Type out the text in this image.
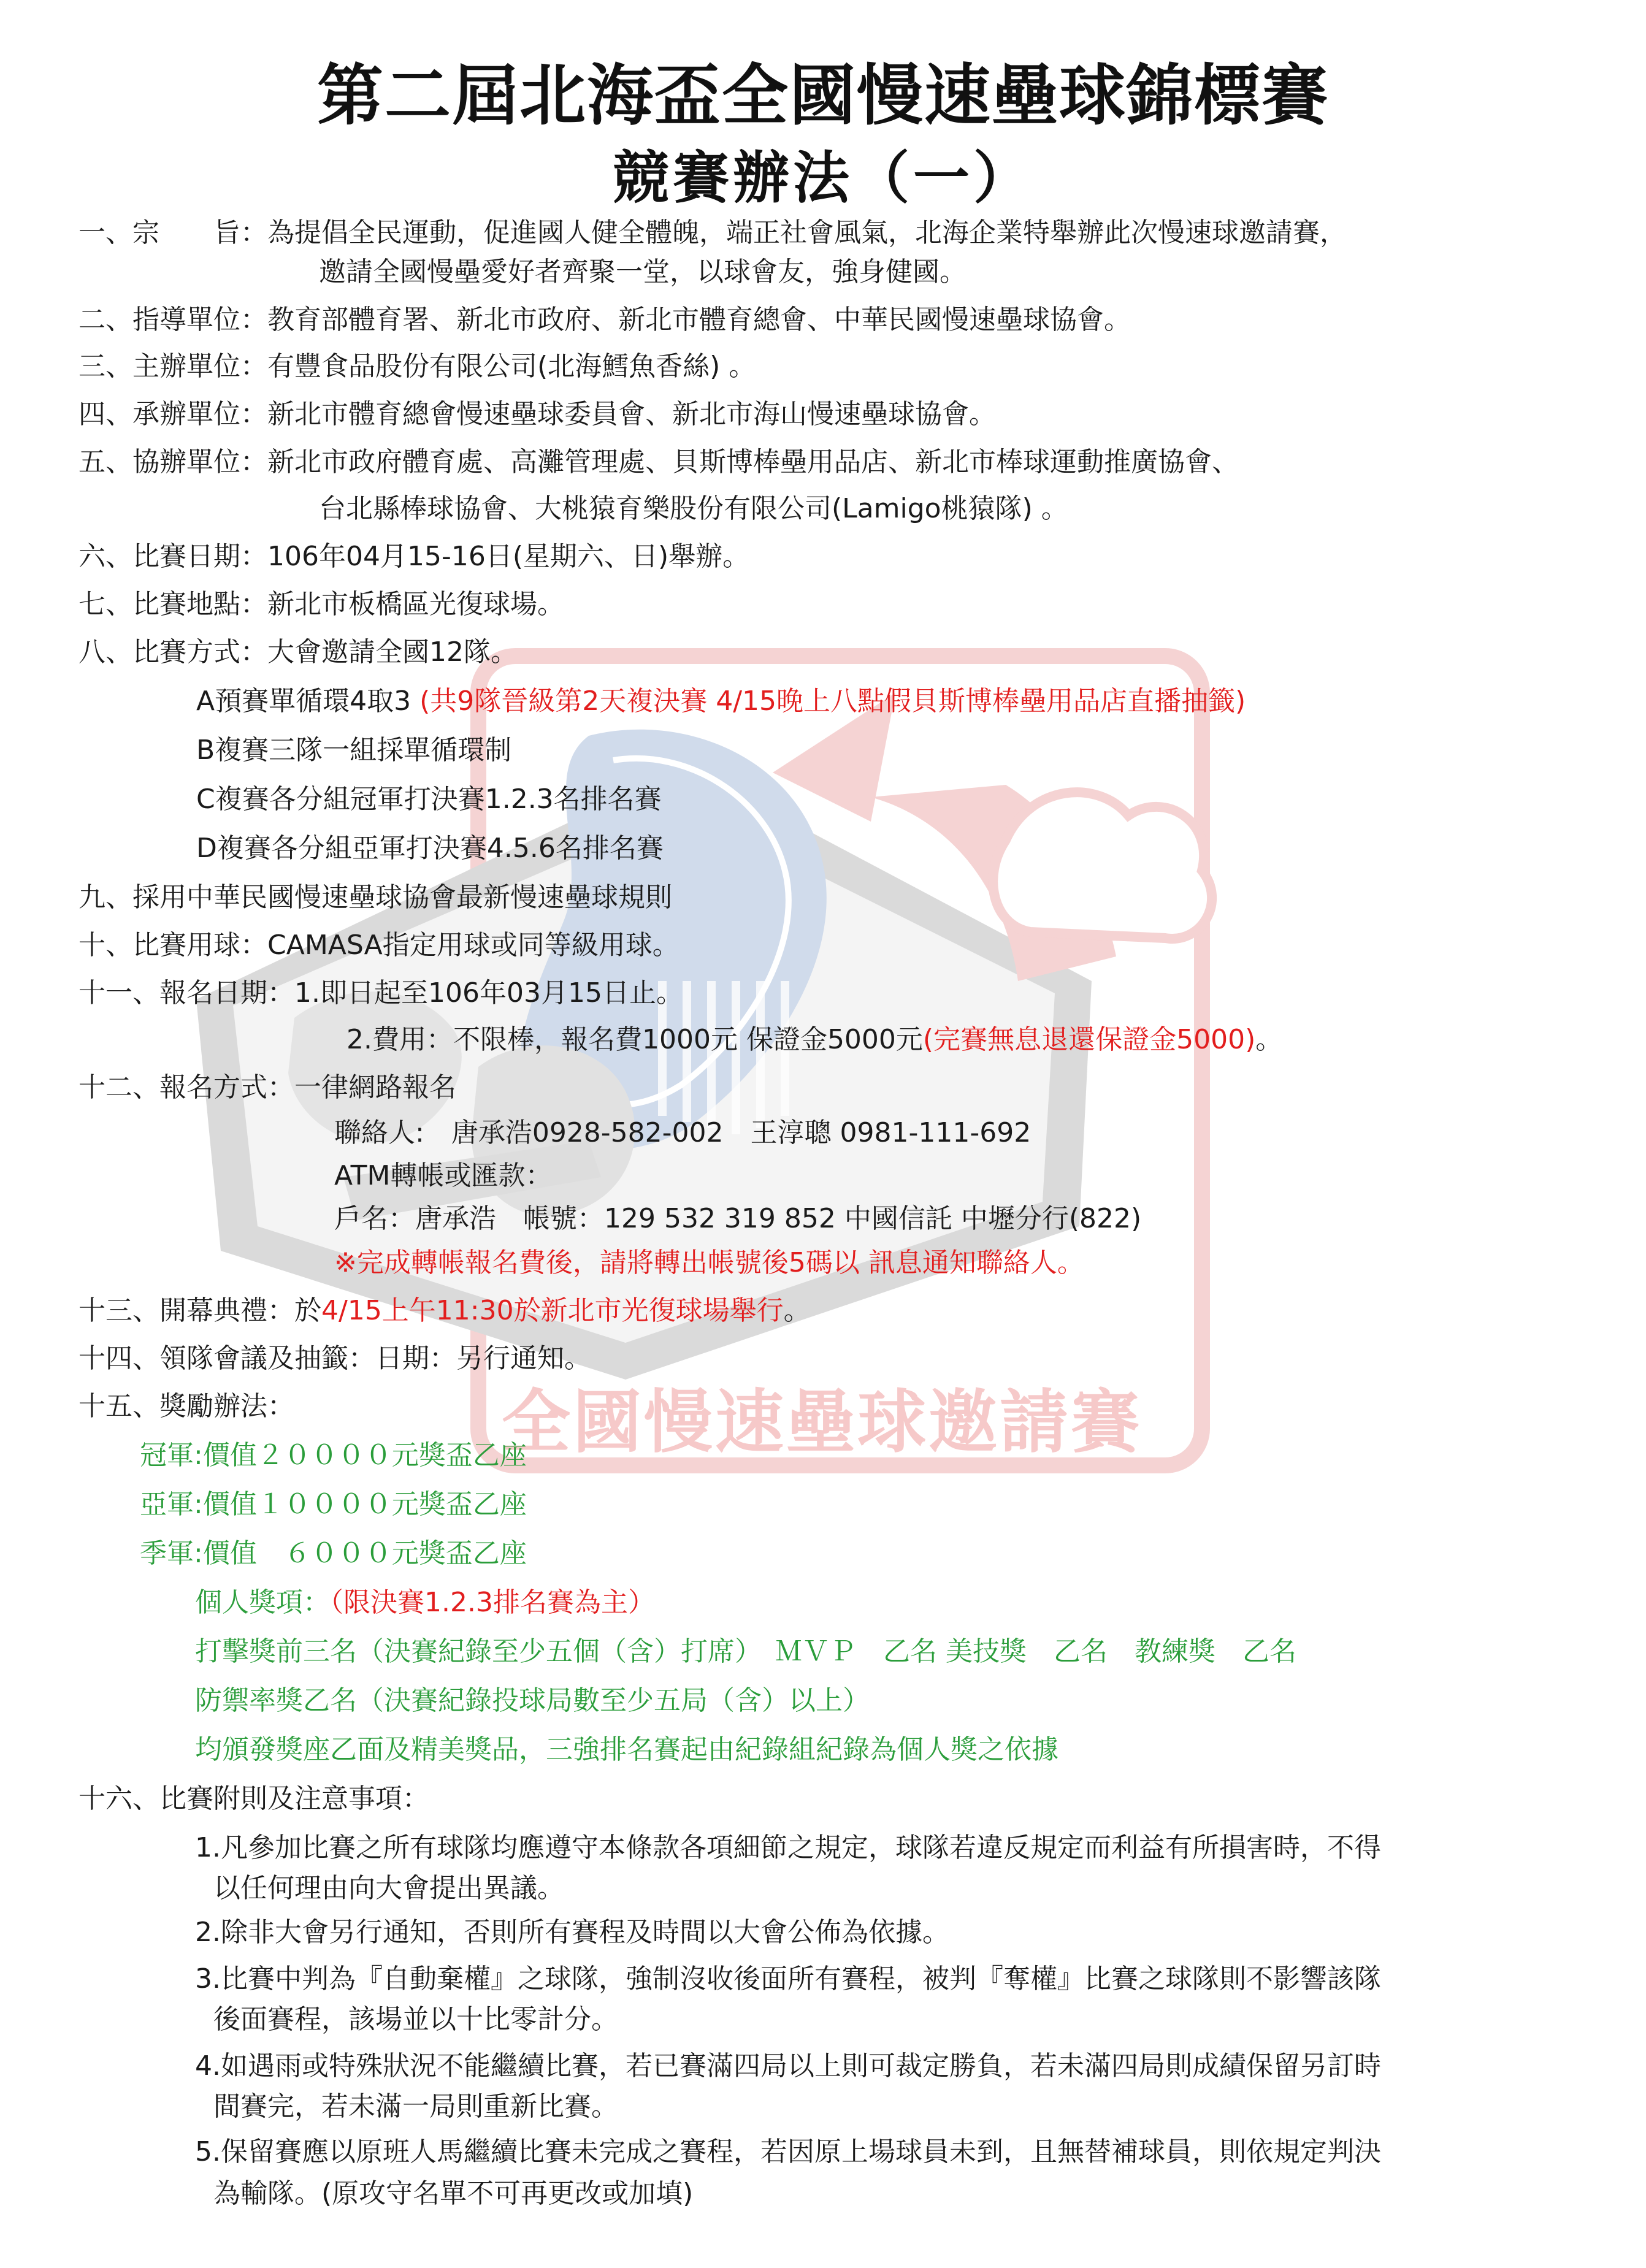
全國慢速壘球邀請賽
第二屆北海盃全國慢速壘球錦標賽
競賽辦法（一）
一、宗　　旨：為提倡全民運動，促進國人健全體魄，端正社會風氣，北海企業特舉辦此次慢速球邀請賽，
邀請全國慢壘愛好者齊聚一堂，以球會友，強身健國。
二、指導單位：教育部體育署、新北市政府、新北市體育總會、中華民國慢速壘球協會。
三、主辦單位：有豐食品股份有限公司(北海鱈魚香絲) 。
四、承辦單位：新北市體育總會慢速壘球委員會、新北市海山慢速壘球協會。
五、協辦單位：新北市政府體育處、高灘管理處、貝斯博棒壘用品店、新北市棒球運動推廣協會、
台北縣棒球協會、大桃猿育樂股份有限公司(Lamigo桃猿隊) 。
六、比賽日期：106年04月15-16日(星期六、日)舉辦。
七、比賽地點：新北市板橋區光復球場。
八、比賽方式：大會邀請全國12隊。
A預賽單循環4取3 (共9隊晉級第2天複決賽 4/15晚上八點假貝斯博棒壘用品店直播抽籤)
B複賽三隊一組採單循環制
C複賽各分組冠軍打決賽1.2.3名排名賽
D複賽各分組亞軍打決賽4.5.6名排名賽
九、採用中華民國慢速壘球協會最新慢速壘球規則
十、比賽用球：CAMASA指定用球或同等級用球。
十一、報名日期：1.即日起至106年03月15日止。
2.費用：不限棒，報名費1000元 保證金5000元(完賽無息退還保證金5000)。
十二、報名方式：一律網路報名
聯絡人:　唐承浩0928-582-002　王淳聰 0981-111-692
ATM轉帳或匯款：
戶名：唐承浩　帳號：129 532 319 852 中國信託 中壢分行(822)
※完成轉帳報名費後，請將轉出帳號後5碼以 訊息通知聯絡人。
十三、開幕典禮：於4/15上午11:30於新北市光復球場舉行。
十四、領隊會議及抽籤：日期：另行通知。
十五、獎勵辦法：
冠軍:價值２００００元獎盃乙座
亞軍:價值１００００元獎盃乙座
季軍:價值　６０００元獎盃乙座
個人獎項：（限決賽1.2.3排名賽為主）
打擊獎前三名（決賽紀錄至少五個（含）打席）　ＭＶＰ　乙名 美技獎　乙名　教練獎　乙名
防禦率獎乙名（決賽紀錄投球局數至少五局（含）以上）
均頒發獎座乙面及精美獎品，三強排名賽起由紀錄組紀錄為個人獎之依據
十六、比賽附則及注意事項：
1.凡參加比賽之所有球隊均應遵守本條款各項細節之規定，球隊若違反規定而利益有所損害時，不得
以任何理由向大會提出異議。
2.除非大會另行通知，否則所有賽程及時間以大會公佈為依據。
3.比賽中判為『自動棄權』之球隊，強制沒收後面所有賽程，被判『奪權』比賽之球隊則不影響該隊
後面賽程，該場並以十比零計分。
4.如遇雨或特殊狀況不能繼續比賽，若已賽滿四局以上則可裁定勝負，若未滿四局則成績保留另訂時
間賽完，若未滿一局則重新比賽。
5.保留賽應以原班人馬繼續比賽未完成之賽程，若因原上場球員未到，且無替補球員，則依規定判決
為輸隊。(原攻守名單不可再更改或加填)
